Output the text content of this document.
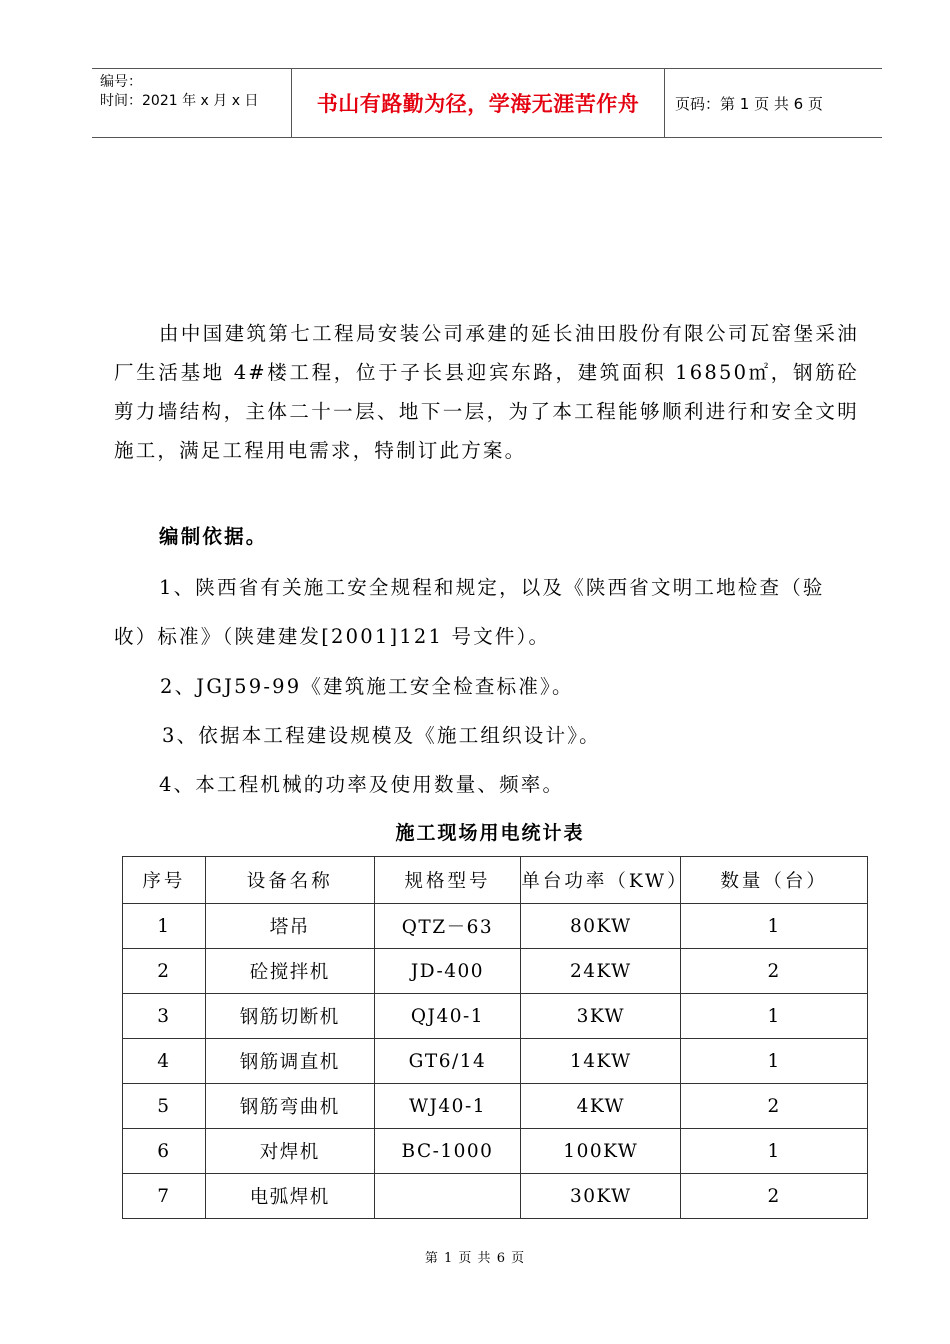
编号：
时间：2021 年 x 月 x 日	书山有路勤为径，学海无涯苦作舟	页码：第 1 页 共 6 页
由中国建筑第七工程局安装公司承建的延长油田股份有限公司瓦窑堡采油厂生活基地 4#楼工程，位于子长县迎宾东路，建筑面积 16850㎡，钢筋砼剪力墙结构，主体二十一层、地下一层，为了本工程能够顺利进行和安全文明施工，满足工程用电需求，特制订此方案。
编制依据。
1、陕西省有关施工安全规程和规定，以及《陕西省文明工地检查（验
收）标准》（陕建建发[2001]121 号文件）。
2、JGJ59-99《建筑施工安全检查标准》。
3、依据本工程建设规模及《施工组织设计》。
4、本工程机械的功率及使用数量、频率。
施工现场用电统计表
序号	设备名称	规格型号	单台功率（KW）	数量（台）
1	塔吊	QTZ－63	80KW	1
2	砼搅拌机	JD-400	24KW	2
3	钢筋切断机	QJ40-1	3KW	1
4	钢筋调直机	GT6/14	14KW	1
5	钢筋弯曲机	WJ40-1	4KW	2
6	对焊机	BC-1000	100KW	1
7	电弧焊机		30KW	2
第 1 页 共 6 页
